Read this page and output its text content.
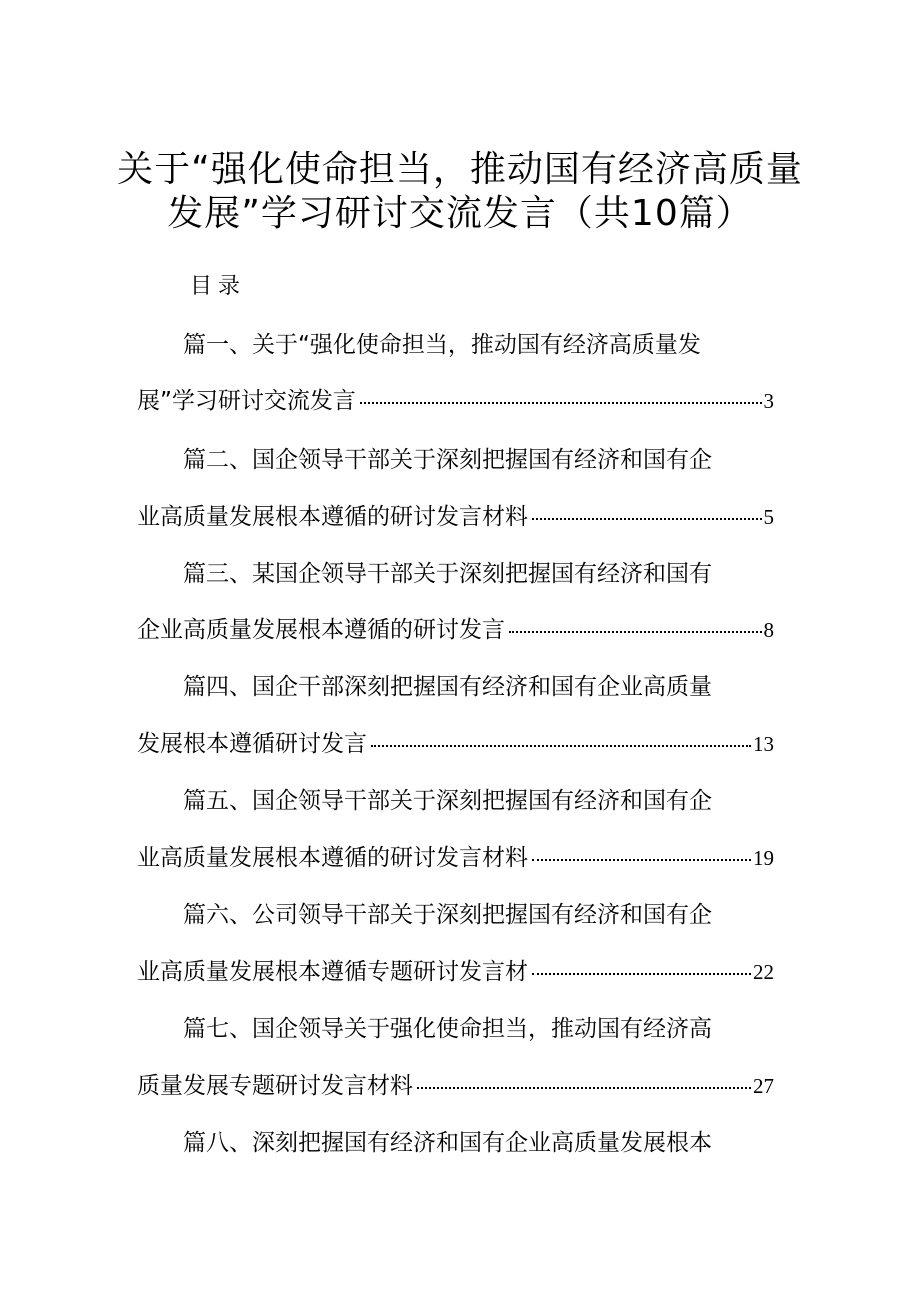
关于“强化使命担当，推动国有经济高质量
发展”学习研讨交流发言（共10篇）
目录
篇一、关于“强化使命担当，推动国有经济高质量发
展”学习研讨交流发言	3
篇二、国企领导干部关于深刻把握国有经济和国有企
业高质量发展根本遵循的研讨发言材料	5
篇三、某国企领导干部关于深刻把握国有经济和国有
企业高质量发展根本遵循的研讨发言	8
篇四、国企干部深刻把握国有经济和国有企业高质量
发展根本遵循研讨发言	13
篇五、国企领导干部关于深刻把握国有经济和国有企
业高质量发展根本遵循的研讨发言材料	19
篇六、公司领导干部关于深刻把握国有经济和国有企
业高质量发展根本遵循专题研讨发言材	22
篇七、国企领导关于强化使命担当，推动国有经济高
质量发展专题研讨发言材料	27
篇八、深刻把握国有经济和国有企业高质量发展根本
